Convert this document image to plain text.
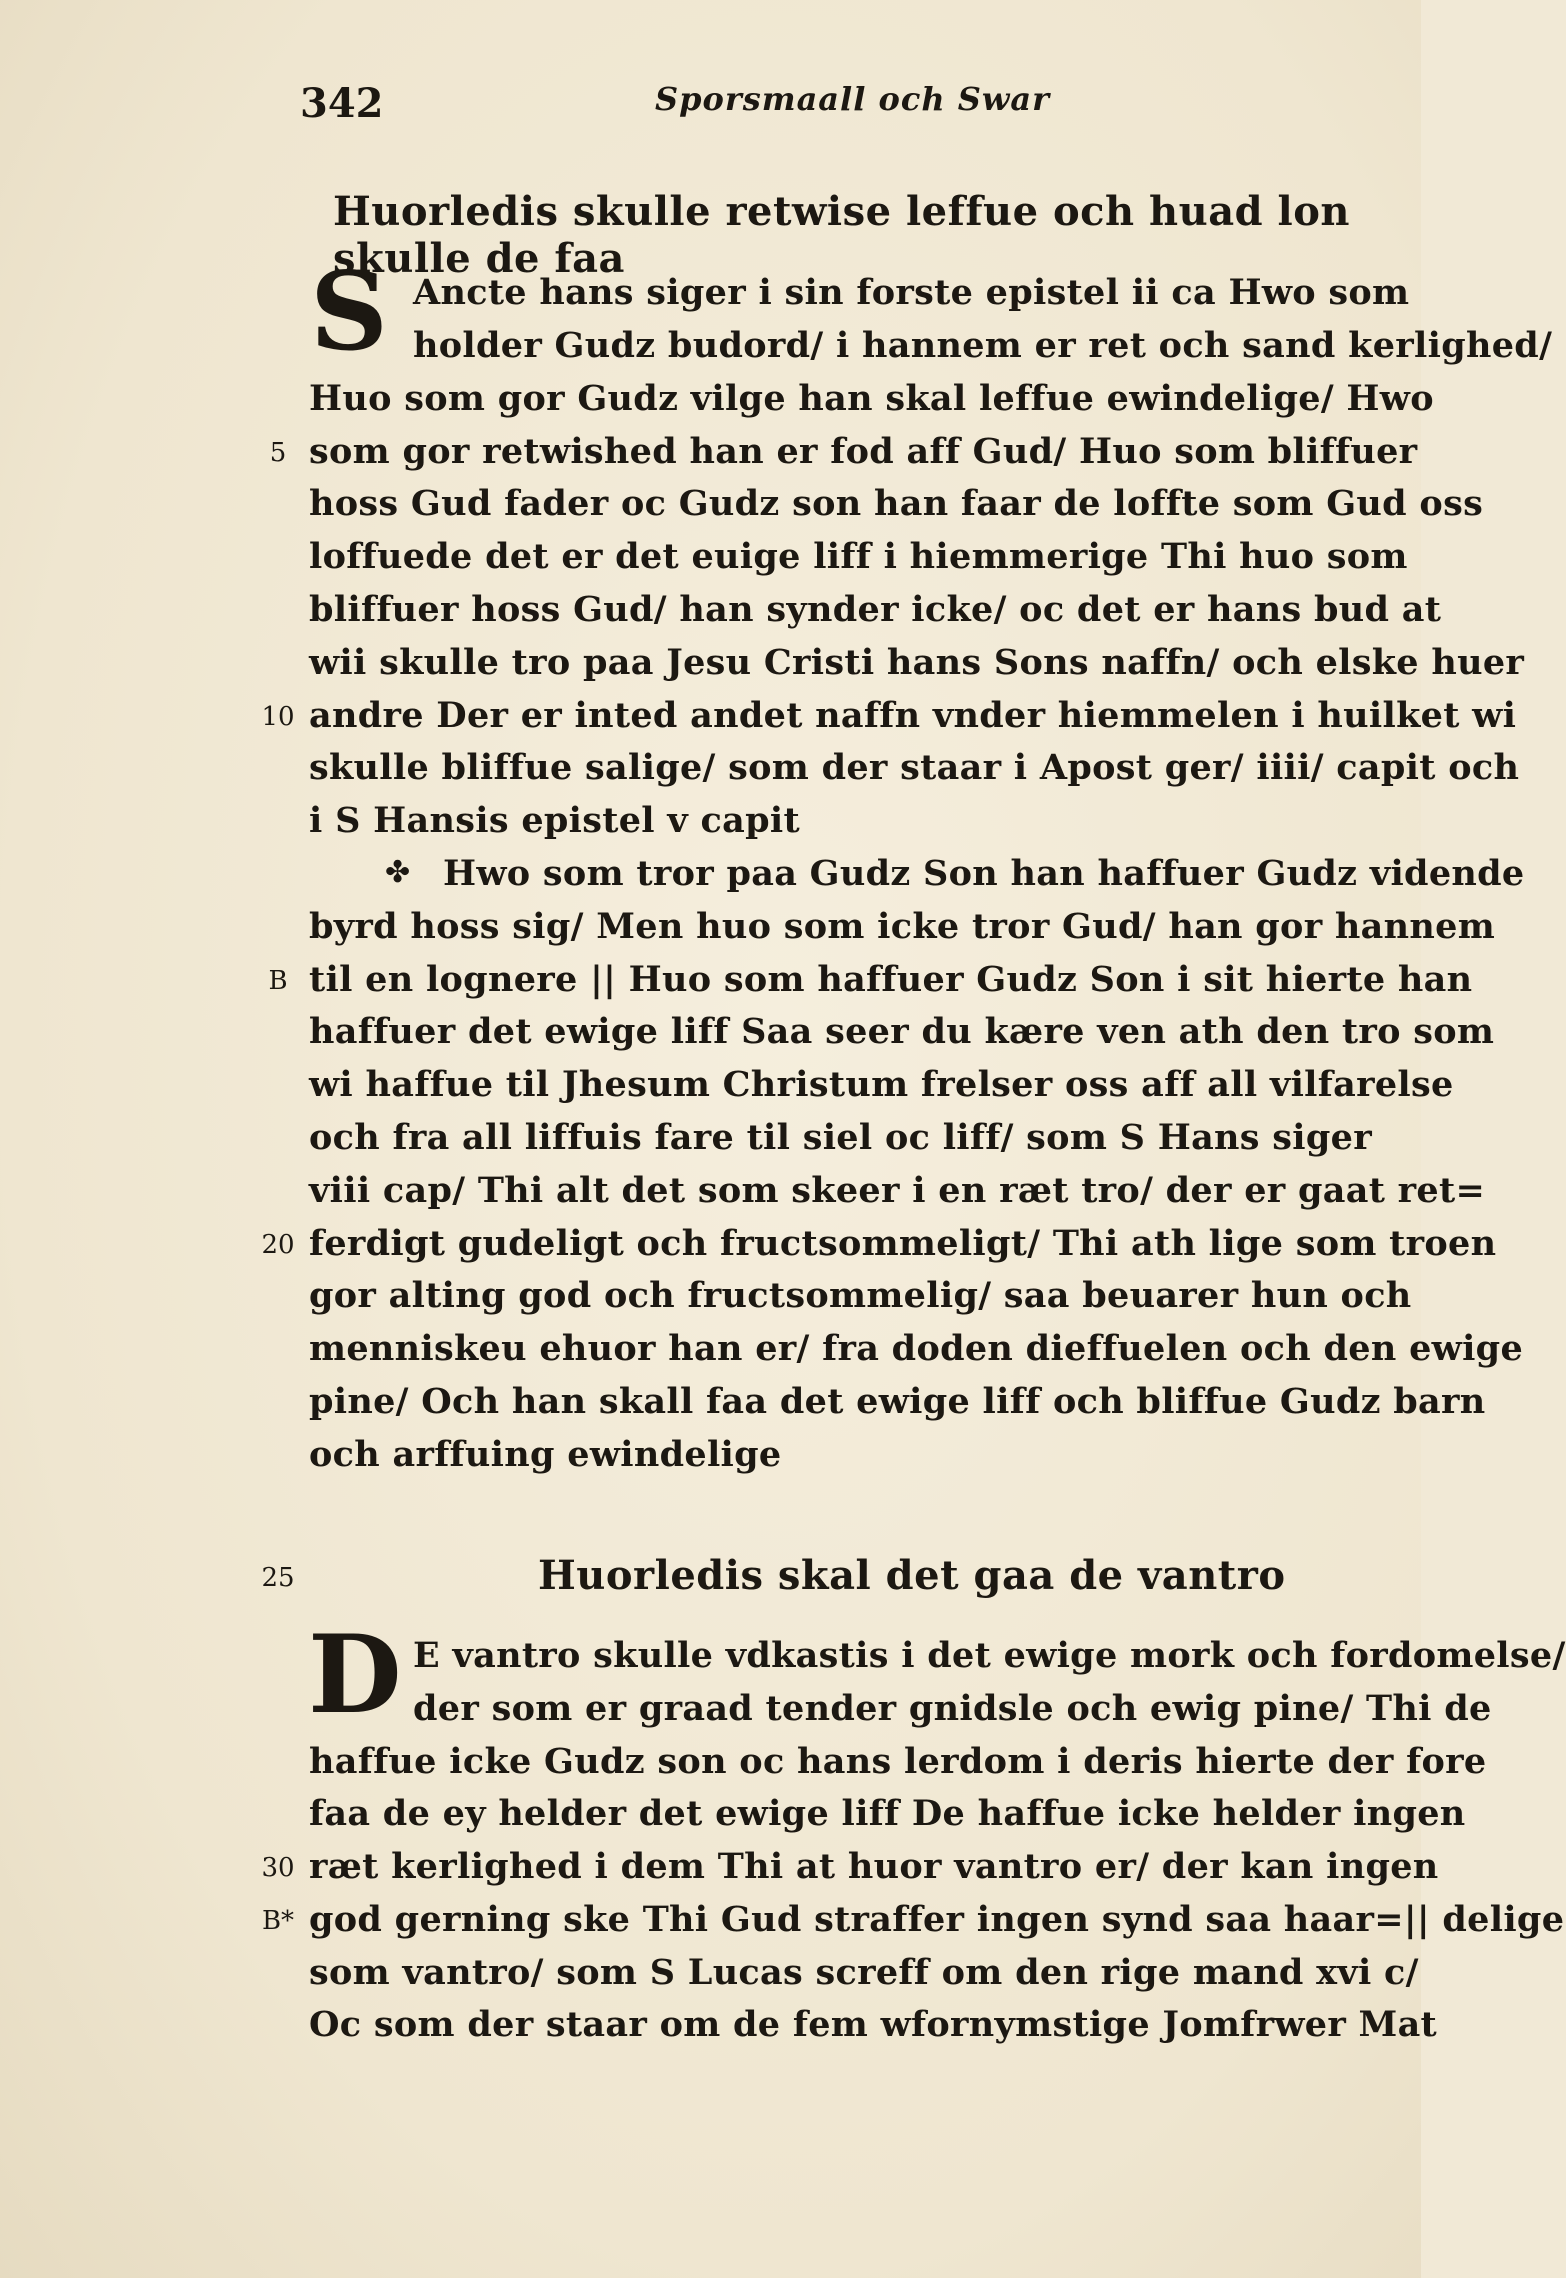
342	Sporsmaall och Swar
Huorledis skulle retwise leffue och huad lon skulle de faa
S Ancte hans siger i sin forste epistel ii ca Hwo som
holder Gudz budord/ i hannem er ret och sand kerlighed/
Huo som gor Gudz vilge han skal leffue ewindelige/ Hwo
som gor retwished han er fod aff Gud/ Huo som bliffuer
hoss Gud fader oc Gudz son han faar de loffte som Gud oss
loffuede det er det euige liff i hiemmerige Thi huo som
bliffuer hoss Gud/ han synder icke/ oc det er hans bud at
wii skulle tro paa Jesu Cristi hans Sons naffn/ och elske huer
andre Der er inted andet naffn vnder hiemmelen i huilket wi
skulle bliffue salige/ som der staar i Apost ger/ iiii/ capit och
i S Hansis epistel v capit
✤ Hwo som tror paa Gudz Son han haffuer Gudz vidende
byrd hoss sig/ Men huo som icke tror Gud/ han gor hannem
til en lognere || Huo som haffuer Gudz Son i sit hierte han
haffuer det ewige liff Saa seer du kære ven ath den tro som
wi haffue til Jhesum Christum frelser oss aff all vilfarelse
och fra all liffuis fare til siel oc liff/ som S Hans siger
viii cap/ Thi alt det som skeer i en ræt tro/ der er gaat ret=
ferdigt gudeligt och fructsommeligt/ Thi ath lige som troen
gor alting god och fructsommelig/ saa beuarer hun och
menniskeu ehuor han er/ fra doden dieffuelen och den ewige
pine/ Och han skall faa det ewige liff och bliffue Gudz barn
och arffuing ewindelige
Huorledis skal det gaa de vantro
D E vantro skulle vdkastis i det ewige mork och fordomelse/
der som er graad tender gnidsle och ewig pine/ Thi de
haffue icke Gudz son oc hans lerdom i deris hierte der fore
faa de ey helder det ewige liff De haffue icke helder ingen
ræt kerlighed i dem Thi at huor vantro er/ der kan ingen
god gerning ske Thi Gud straffer ingen synd saa haar=|| delige
som vantro/ som S Lucas screff om den rige mand xvi c/
Oc som der staar om de fem wfornymstige Jomfrwer Mat
5
10
20
25
30
B
B*
